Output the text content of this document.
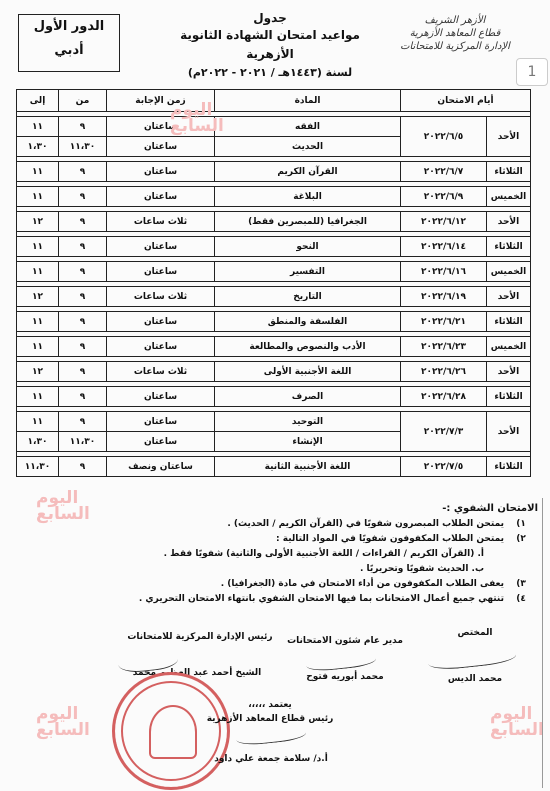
1
الدور الأول
أدبي
جدول
مواعيد امتحان الشهادة الثانوية الأزهرية
لسنة (١٤٤٣هـ / ٢٠٢١ - ٢٠٢٢م)
الأزهر الشريف
قطاع المعاهد الأزهرية
الإدارة المركزية للامتحانات
أيام الامتحان		المادة	زمن الإجابة	من	إلى

الأحد	٢٠٢٢/٦/٥	الفقه	ساعتان	٩	١١
		الحديث	ساعتان	١١،٣٠	١،٣٠

الثلاثاء	٢٠٢٢/٦/٧	القرآن الكريم	ساعتان	٩	١١

الخميس	٢٠٢٢/٦/٩	البلاغة	ساعتان	٩	١١

الأحد	٢٠٢٢/٦/١٢	الجغرافيا (للمبصرين فقط)	ثلاث ساعات	٩	١٢

الثلاثاء	٢٠٢٢/٦/١٤	النحو	ساعتان	٩	١١

الخميس	٢٠٢٢/٦/١٦	التفسير	ساعتان	٩	١١

الأحد	٢٠٢٢/٦/١٩	التاريخ	ثلاث ساعات	٩	١٢

الثلاثاء	٢٠٢٢/٦/٢١	الفلسفة والمنطق	ساعتان	٩	١١

الخميس	٢٠٢٢/٦/٢٣	الأدب والنصوص والمطالعة	ساعتان	٩	١١

الأحد	٢٠٢٢/٦/٢٦	اللغة الأجنبية الأولى	ثلاث ساعات	٩	١٢

الثلاثاء	٢٠٢٢/٦/٢٨	الصرف	ساعتان	٩	١١

الأحد	٢٠٢٢/٧/٣	التوحيد	ساعتان	٩	١١
		الإنشاء	ساعتان	١١،٣٠	١،٣٠

الثلاثاء	٢٠٢٢/٧/٥	اللغة الأجنبية الثانية	ساعتان ونصف	٩	١١،٣٠
اليوم
السابع
اليوم
السابع
اليوم
السابع
اليوم
السابع
الامتحان الشفوي :-
١)يمتحن الطلاب المبصرون شفويًا في (القرآن الكريم / الحديث) .
٢)يمتحن الطلاب المكفوفون شفويًا في المواد التالية :
أ. (القرآن الكريم / القراءات / اللغة الأجنبية الأولى والثانية) شفويًا فقط .
ب. الحديث شفويًا وتحريريًا .
٣)يعفى الطلاب المكفوفون من أداء الامتحان في مادة (الجغرافيا) .
٤)تنتهي جميع أعمال الامتحانات بما فيها الامتحان الشفوي بانتهاء الامتحان التحريري .
المختص
محمد الديس
مدير عام شئون الامتحانات
محمد أبوريه فتوح
رئيس الإدارة المركزية للامتحانات
الشيخ أحمد عبد العظيم محمد
يعتمد ،،،،،
رئيس قطاع المعاهد الأزهرية
أ.د/ سلامة جمعة علي داود
